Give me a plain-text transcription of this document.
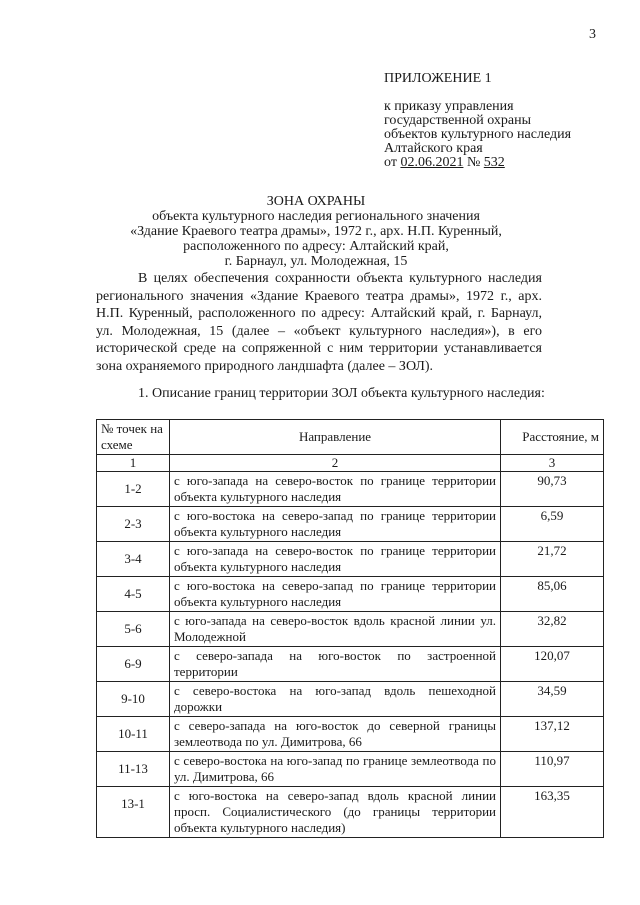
3
ПРИЛОЖЕНИЕ 1
к приказу управления
государственной охраны
объектов культурного наследия
Алтайского края
от 02.06.2021 № 532
ЗОНА ОХРАНЫ
объекта культурного наследия регионального значения
«Здание Краевого театра драмы», 1972 г., арх. Н.П. Куренный,
расположенного по адресу: Алтайский край,
г. Барнаул, ул. Молодежная, 15
В целях обеспечения сохранности объекта культурного наследия регионального значения «Здание Краевого театра драмы», 1972 г., арх. Н.П. Куренный, расположенного по адресу: Алтайский край, г. Барнаул, ул. Молодежная, 15 (далее – «объект культурного наследия»), в его исторической среде на сопряженной с ним территории устанавливается зона охраняемого природного ландшафта (далее – ЗОЛ).
1. Описание границ территории ЗОЛ объекта культурного наследия:
№ точек на схеме	Направление	Расстояние, м
1	2	3
1-2	с юго-запада на северо-восток по границе территории объекта культурного наследия	90,73
2-3	с юго-востока на северо-запад по границе территории объекта культурного наследия	6,59
3-4	с юго-запада на северо-восток по границе территории объекта культурного наследия	21,72
4-5	с юго-востока на северо-запад по границе территории объекта культурного наследия	85,06
5-6	с юго-запада на северо-восток вдоль красной линии ул. Молодежной	32,82
6-9	с северо-запада на юго-восток по застроенной территории	120,07
9-10	с северо-востока на юго-запад вдоль пешеходной дорожки	34,59
10-11	с северо-запада на юго-восток до северной границы землеотвода по ул. Димитрова, 66	137,12
11-13	с северо-востока на юго-запад по границе землеотвода по ул. Димитрова, 66	110,97
13-1	с юго-востока на северо-запад вдоль красной линии просп. Социалистического (до границы территории объекта культурного наследия)	163,35
